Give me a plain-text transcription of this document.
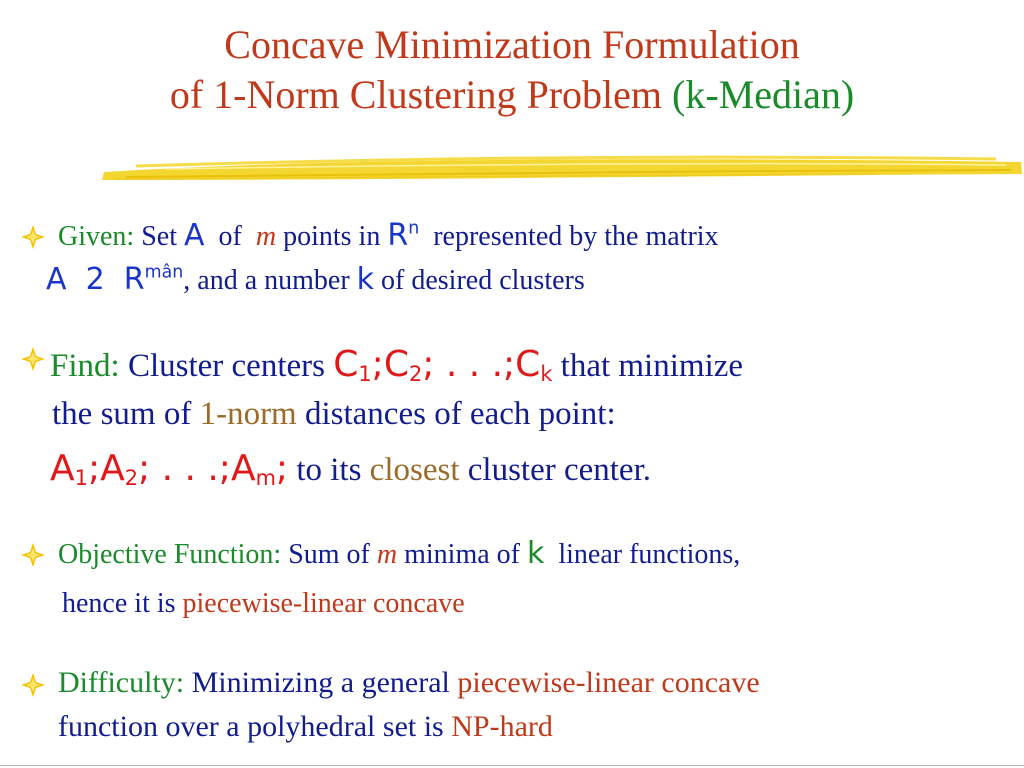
Concave Minimization Formulation
of 1-Norm Clustering Problem (k-Median)
Given: Set A of m points in $R^n$ represented by the matrix
A 2 $R^{mân}$, and a number k of desired clusters
Find: Cluster centers $C_1;C_2$; . . $.;C_k$ that minimize
the sum of 1-norm distances of each point:
$A_1;A_2$; . . $.;A_m$; to its closest cluster center.
Objective Function: Sum of m minima of k linear functions,
hence it is piecewise-linear concave
Difficulty: Minimizing a general piecewise-linear concave
function over a polyhedral set is NP-hard
